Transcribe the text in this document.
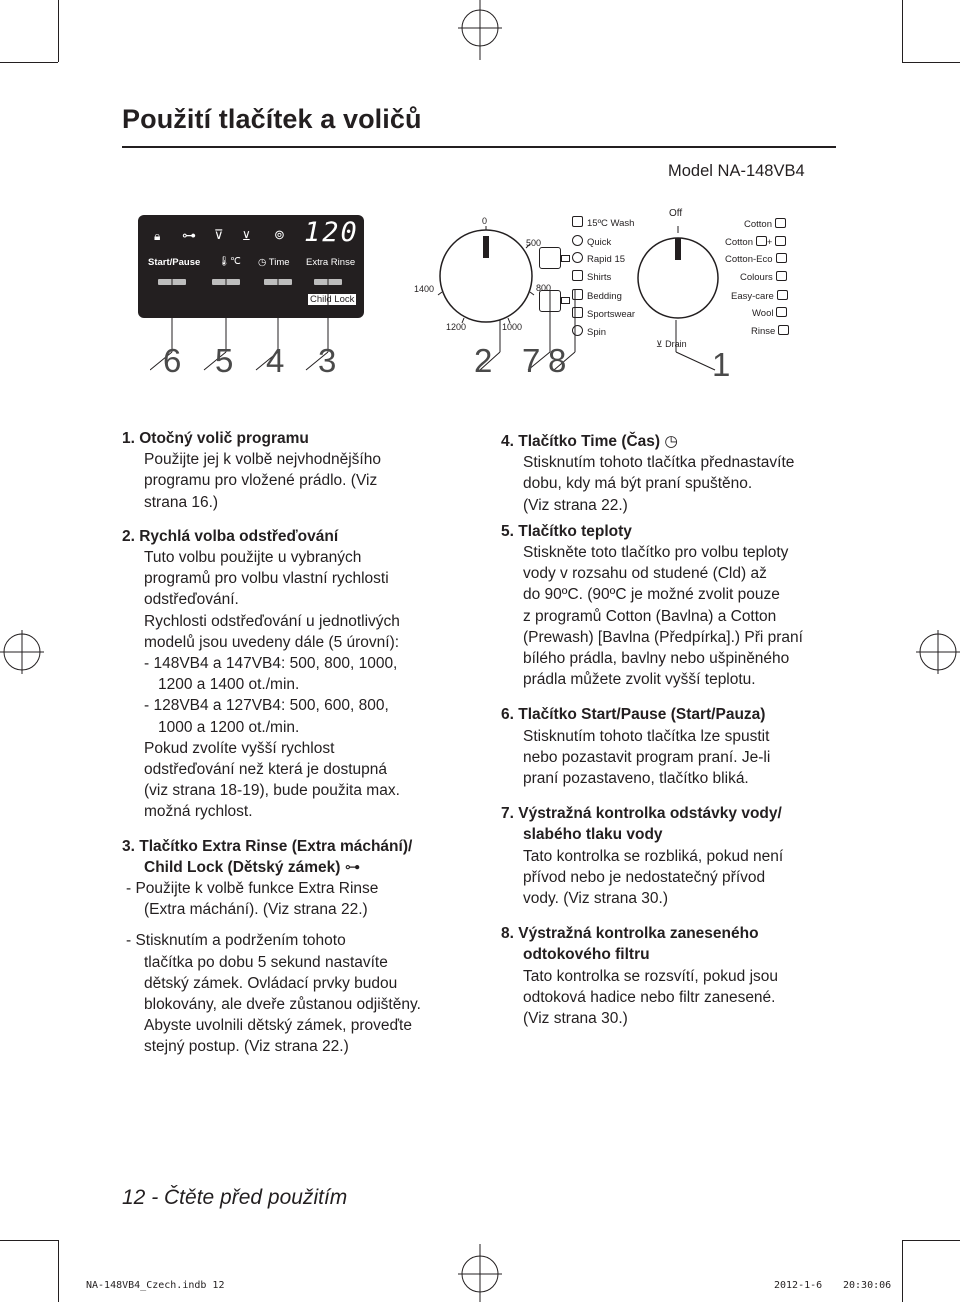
Použití tlačítek a voličů
Model NA-148VB4
🔒︎ ⊶ ⊽ ⊻ ⊚ 120
Start/Pause 🌡︎℃ ◷ Time Extra Rinse
Child Lock
6 5 4 3	2 7 8	1
0
500
800
1000
1200
1400
Off
⊻ Drain
15ºC Wash
Quick
Rapid 15
Shirts
Bedding
Sportswear
Spin
Cotton
Cotton +
Cotton-Eco
Colours
Easy-care
Wool
Rinse

1. Otočný volič programu

Použijte jej k volbě nejvhodnějšího

programu pro vložené prádlo. (Viz

strana 16.)

2. Rychlá volba odstřeďování

Tuto volbu použijte u vybraných

programů pro volbu vlastní rychlosti

odstřeďování.

Rychlosti odstřeďování u jednotlivých

modelů jsou uvedeny dále (5 úrovní):

- 148VB4 a 147VB4: 500, 800, 1000,

1200 a 1400 ot./min.

- 128VB4 a 127VB4: 500, 600, 800,

1000 a 1200 ot./min.

Pokud zvolíte vyšší rychlost

odstřeďování než která je dostupná

(viz strana 18-19), bude použita max.

možná rychlost.

3. Tlačítko Extra Rinse (Extra máchání)/

Child Lock (Dětský zámek) ⊶

- Použijte k volbě funkce Extra Rinse

(Extra máchání). (Viz strana 22.)

- Stisknutím a podržením tohoto

tlačítka po dobu 5 sekund nastavíte

dětský zámek. Ovládací prvky budou

blokovány, ale dveře zůstanou odjištěny.

Abyste uvolnili dětský zámek, proveďte

stejný postup. (Viz strana 22.)

4. Tlačítko Time (Čas) ◷

Stisknutím tohoto tlačítka přednastavíte

dobu, kdy má být praní spuštěno.

(Viz strana 22.)

5. Tlačítko teploty

Stiskněte toto tlačítko pro volbu teploty

vody v rozsahu od studené (Cld) až

do 90ºC. (90ºC je možné zvolit pouze

z programů Cotton (Bavlna) a Cotton

(Prewash) [Bavlna (Předpírka].) Při praní

bílého prádla, bavlny nebo ušpiněného

prádla můžete zvolit vyšší teplotu.

6. Tlačítko Start/Pause (Start/Pauza)

Stisknutím tohoto tlačítka lze spustit

nebo pozastavit program praní. Je-li

praní pozastaveno, tlačítko bliká.

7. Výstražná kontrolka odstávky vody/

slabého tlaku vody

Tato kontrolka se rozbliká, pokud není

přívod nebo je nedostatečný přívod

vody. (Viz strana 30.)

8. Výstražná kontrolka zaneseného

odtokového filtru

Tato kontrolka se rozsvítí, pokud jsou

odtoková hadice nebo filtr zanesené.

(Viz strana 30.)

12 - Čtěte před použitím
NA-148VB4_Czech.indb 12	2012-1-6 20:30:06
